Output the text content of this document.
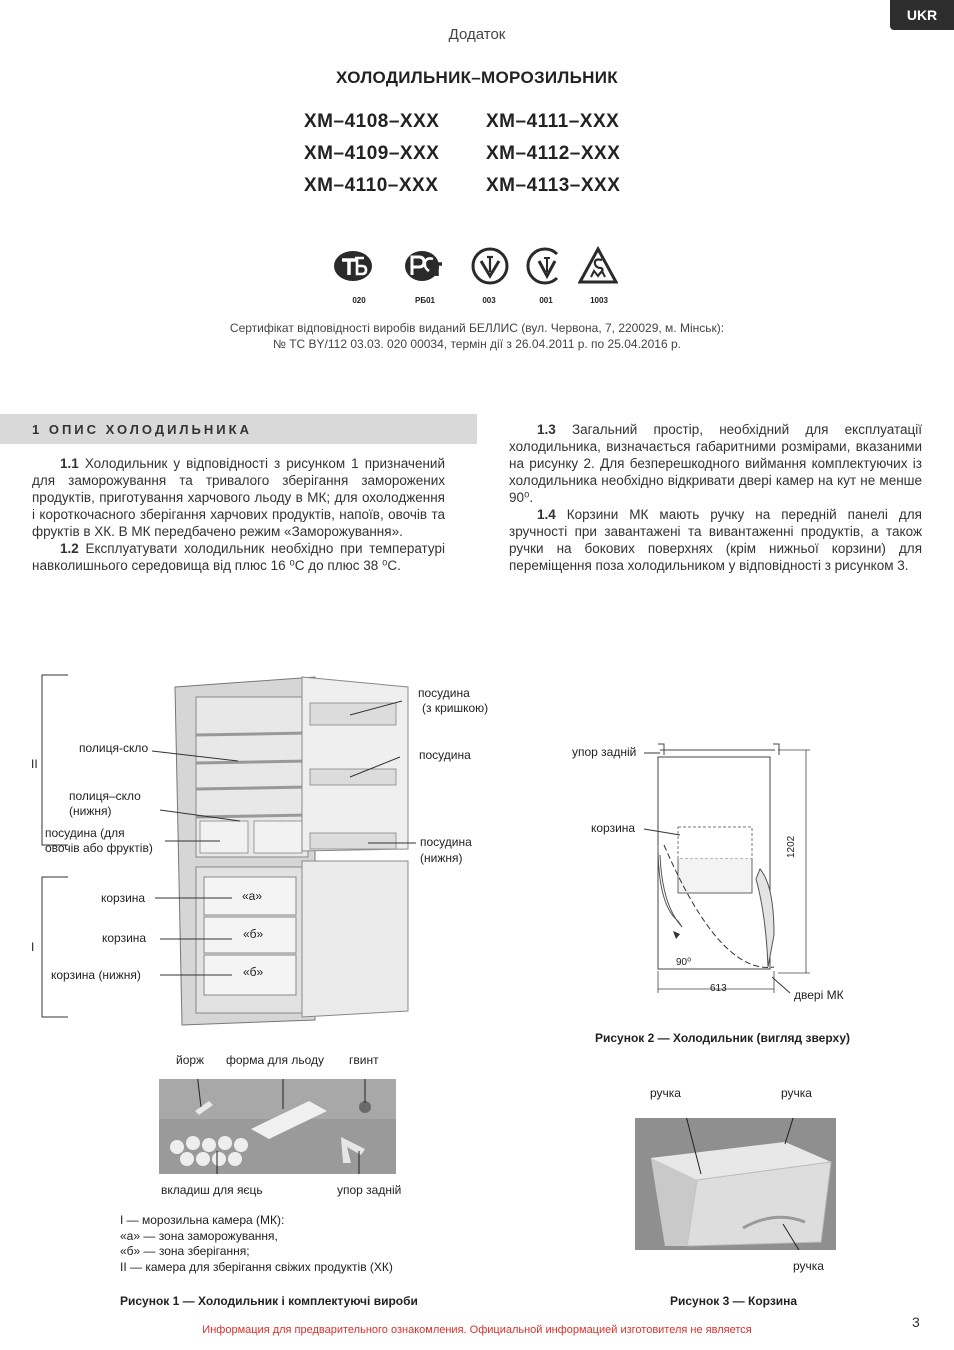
UKR
Додаток
ХОЛОДИЛЬНИК–МОРОЗИЛЬНИК
ХМ–4108–ХХХ ХМ–4111–ХХХ
ХМ–4109–ХХХ ХМ–4112–ХХХ
ХМ–4110–ХХХ	ХМ–4113–ХХХ
020	РБ01	003	001	1003
Сертифікат відповідності виробів виданий БЕЛЛИС (вул. Червона, 7, 220029, м. Мінськ):
№ ТС BY/112 03.03. 020 00034, термін дії з 26.04.2011 р. по 25.04.2016 р.
1 ОПИС ХОЛОДИЛЬНИКА
1.1 Холодильник у відповідності з рисунком 1 призначений для заморожування та тривалого зберігання заморожених продуктів, приготування харчового льоду в МК; для охолодження і короткочасного зберігання харчових продуктів, напоїв, овочів та фруктів в ХК. В МК передбачено режим «Заморожування».
1.2 Експлуатувати холодильник необхідно при температурі навколишнього середовища від плюс 16 ⁰С до плюс 38 ⁰С.
1.3 Загальний простір, необхідний для експлуатації холодильника, визначається габаритними розмірами, вказаними на рисунку 2. Для безперешкодного виймання комплектуючих із холодильника необхідно відкривати двері камер на кут не менше 90⁰.
1.4 Корзини МК мають ручку на передній панелі для зручності при завантажені та вивантаженні продуктів, а також ручки на бокових поверхнях (крім нижньої корзини) для переміщення поза холодильником у відповідності з рисунком 3.
II
I
полиця-скло
полиця–скло
(нижня)
посудина (для
овочів або фруктів)
корзина
корзина
корзина (нижня)
«а»
«б»
«б»
посудина
(з кришкою)
посудина
посудина
(нижня)
йорж форма для льоду гвинт
вкладиш для яєць	упор задній
I — морозильна камера (МК):
«а» — зона заморожування,
«б» — зона зберігання;
II — камера для зберігання свіжих продуктів (ХК)
Рисунок 1 — Холодильник і комплектуючі вироби
упор задній
корзина
двері МК
613
1202
90⁰
Рисунок 2 — Холодильник (вигляд зверху)
ручка	ручка
ручка
Рисунок 3 — Корзина
3
Информация для предварительного ознакомления. Официальной информацией изготовителя не является
